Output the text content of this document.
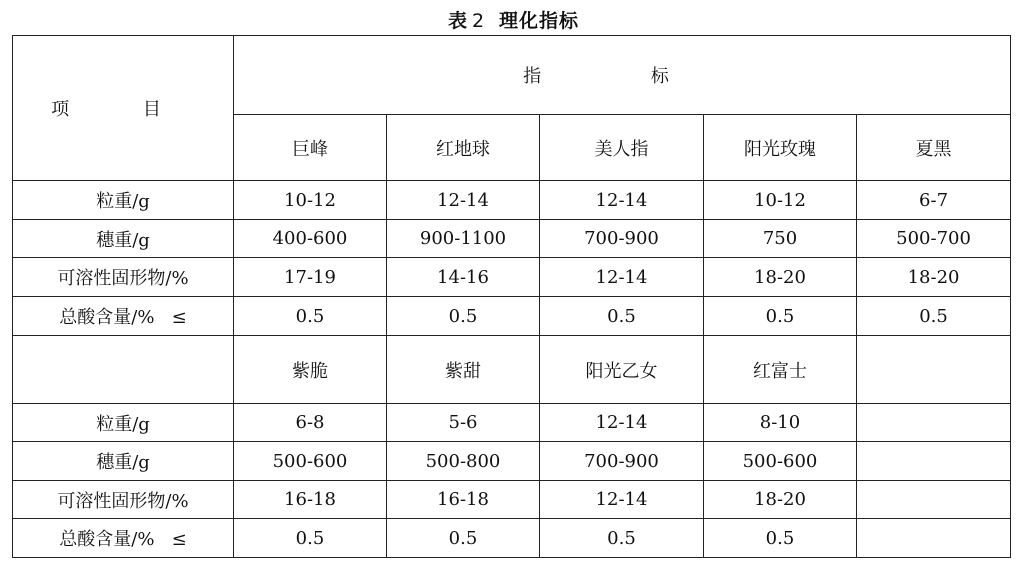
表 2 理化指标
项 目	指 标				
	巨峰	红地球	美人指	阳光玫瑰	夏黑
粒重/g	10-12	12-14	12-14	10-12	6-7
穗重/g	400-600	900-1100	700-900	750	500-700
可溶性固形物/%	17-19	14-16	12-14	18-20	18-20
总酸含量/%   ≤	0.5	0.5	0.5	0.5	0.5
	紫脆	紫甜	阳光乙女	红富士	
粒重/g	6-8	5-6	12-14	8-10	
穗重/g	500-600	500-800	700-900	500-600	
可溶性固形物/%	16-18	16-18	12-14	18-20	
总酸含量/%   ≤	0.5	0.5	0.5	0.5	
